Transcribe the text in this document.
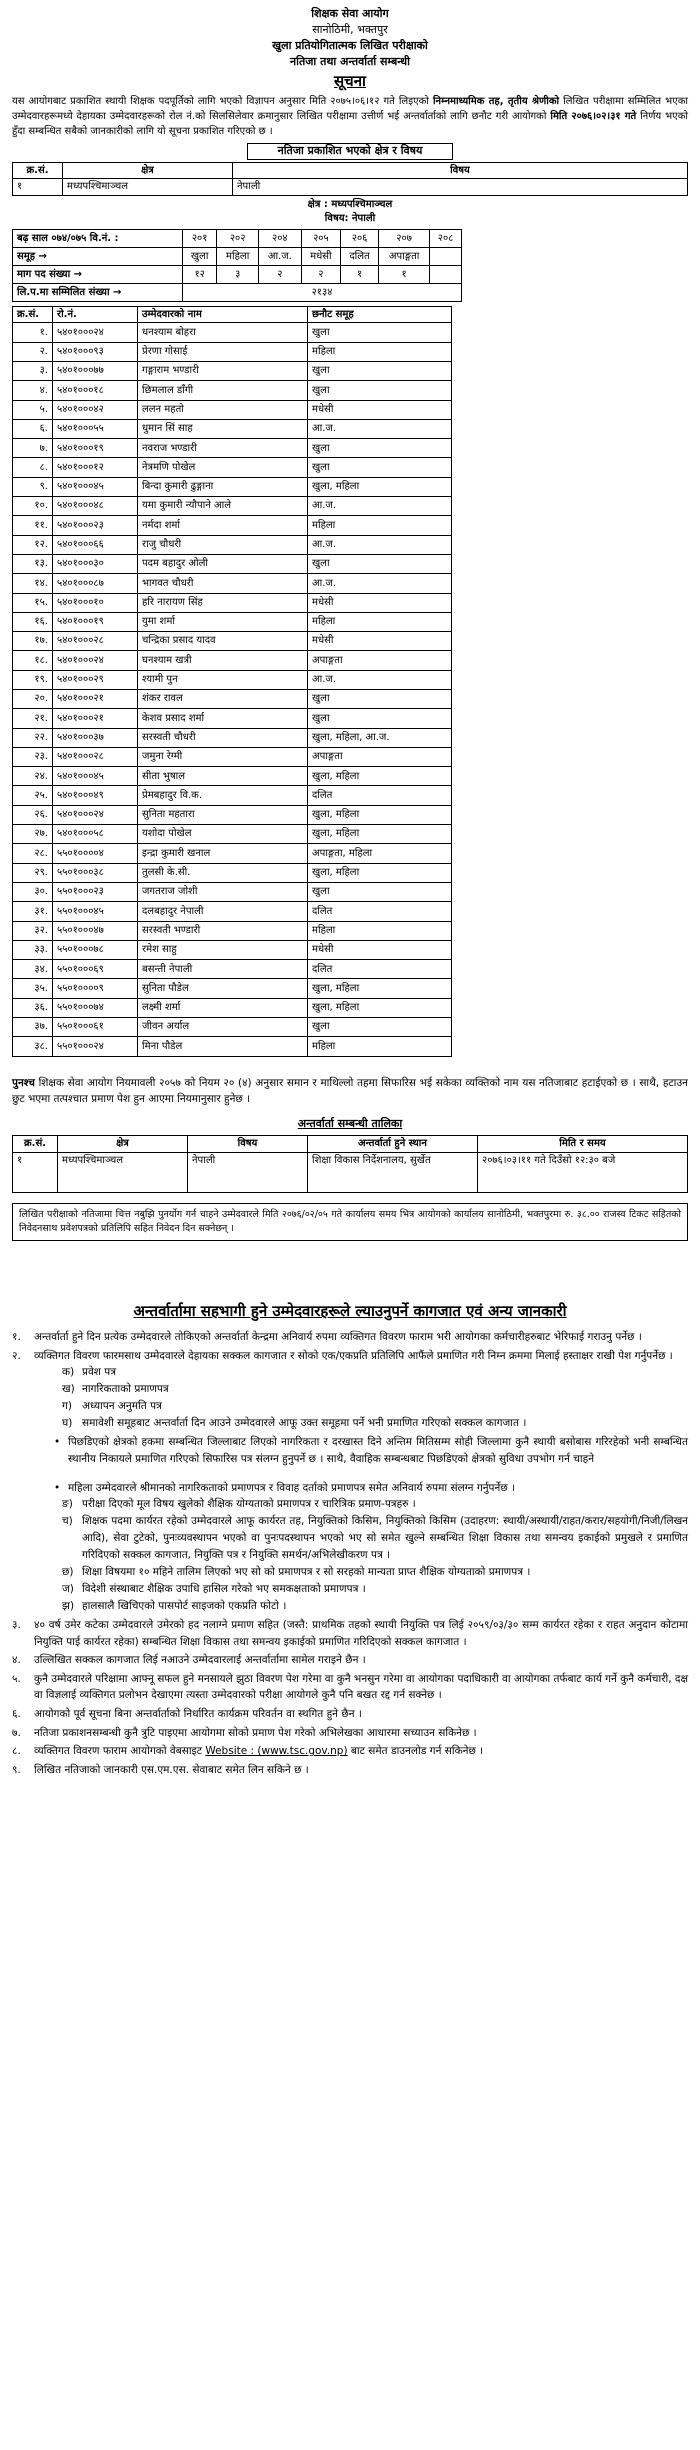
शिक्षक सेवा आयोग
सानोठिमी, भक्तपुर
खुला प्रतियोगितात्मक लिखित परीक्षाको
नतिजा तथा अन्तर्वार्ता सम्बन्धी
सूचना

यस आयोगबाट प्रकाशित स्थायी शिक्षक पदपूर्तिको लागि भएको विज्ञापन अनुसार मिति २०७५।०६।१२ गते लिइएको निम्नमाध्यमिक तह, तृतीय श्रेणीको लिखित परीक्षामा सम्मिलित भएका उम्मेदवारहरूमध्ये देहायका उम्मेदवारहरूको रोल नं.को सिलसिलेवार क्रमानुसार लिखित परीक्षामा उत्तीर्ण भई अन्तर्वार्ताको लागि छनौट गरी आयोगको मिति २०७६।०२।३१ गते निर्णय भएको हुँदा सम्बन्धित सबैको जानकारीको लागि यो सूचना प्रकाशित गरिएको छ ।

नतिजा प्रकाशित भएको क्षेत्र र विषय
क्र.सं.	क्षेत्र	विषय
१	मध्यपश्चिमाञ्चल	नेपाली
क्षेत्र : मध्यपश्चिमाञ्चल
विषय: नेपाली
बढ़ साल ०७४/०७५ वि.नं. :	२०१	२०२	२०४	२०५	२०६	२०७	२०८
समूह →	खुला	महिला	आ.ज.	मधेसी	दलित	अपाङ्गता	
माग पद संख्या →	१२	३	२	२	१	१	
लि.प.मा सम्मिलित संख्या →	२१३४						
क्र.सं.	रो.नं.	उम्मेदवारको नाम	छनौट समूह
१.	५४०१०००२४	धनश्याम बोहरा	खुला
२.	५४०१०००९३	प्रेरणा गोसाई	महिला
३.	५४०१०००७७	गङ्गाराम भण्डारी	खुला
४.	५४०१०००१८	छिमलाल डाँगी	खुला
५.	५४०१०००४२	ललन महतो	मधेसी
६.	५४०१०००५५	धुमान सिं साह	आ.ज.
७.	५४०१०००१९	नवराज भण्डारी	खुला
८.	५४०१०००१२	नेत्रमणि पोखेल	खुला
९.	५४०१०००४५	बिन्दा कुमारी ढुङ्गाना	खुला, महिला
१०.	५४०१०००४८	यमा कुमारी न्यौपाने आले	आ.ज.
११.	५४०१०००२३	नर्मदा शर्मा	महिला
१२.	५४०१०००६६	राजु चौधरी	आ.ज.
१३.	५४०१०००३०	पदम बहादुर ओली	खुला
१४.	५४०१०००८७	भागवत चौधरी	आ.ज.
१५.	५४०१०००१०	हरि नारायण सिंह	मधेसी
१६.	५४०१०००१९	युमा शर्मा	महिला
१७.	५४०१०००२८	चन्द्रिका प्रसाद यादव	मधेसी
१८.	५४०१०००२४	घनश्याम खत्री	अपाङ्गता
१९.	५४०१०००२९	श्यामी पुन	आ.ज.
२०.	५४०१०००२१	शंकर रावल	खुला
२१.	५४०१०००२१	केशव प्रसाद शर्मा	खुला
२२.	५४०१०००३७	सरस्वती चौधरी	खुला, महिला, आ.ज.
२३.	५४०१०००२८	जमुना रेग्मी	अपाङ्गता
२४.	५४०१०००४५	सीता भुषाल	खुला, महिला
२५.	५४०१०००४९	प्रेमबहादुर वि.क.	दलित
२६.	५४०१०००२४	सुनिता महतारा	खुला, महिला
२७.	५४०१०००५८	यशोदा पोखेल	खुला, महिला
२८.	५५०१००००४	इन्द्रा कुमारी खनाल	अपाङ्गता, महिला
२९.	५५०१०००३८	तुलसी के.सी.	खुला, महिला
३०.	५५०१०००२३	जगतराज जोशी	खुला
३१.	५५०१०००४५	दलबहादुर नेपाली	दलित
३२.	५५०१०००४७	सरस्वती भण्डारी	महिला
३३.	५५०१०००७८	रमेश साहु	मधेसी
३४.	५५०१०००६९	बसन्ती नेपाली	दलित
३५.	५५०१००००९	सुनिता पौडेल	खुला, महिला
३६.	५५०१०००७४	लक्ष्मी शर्मा	खुला, महिला
३७.	५५०१०००६१	जीवन अर्याल	खुला
३८.	५५०१०००२४	मिना पौडेल	महिला

पुनश्च शिक्षक सेवा आयोग नियमावली २०५७ को नियम २० (४) अनुसार समान र माथिल्लो तहमा सिफारिस भई सकेका व्यक्तिको नाम यस नतिजाबाट हटाईएको छ । साथै, हटाउन छुट भएमा तत्पश्चात प्रमाण पेश हुन आएमा नियमानुसार हुनेछ ।

अन्तर्वार्ता सम्बन्धी तालिका
क्र.सं.	क्षेत्र	विषय	अन्तर्वार्ता हुने स्थान	मिति र समय
१	मध्यपश्चिमाञ्चल	नेपाली	शिक्षा विकास निर्देशनालय, सुर्खेत	२०७६।०३।११ गते दिउँसो १२:३० बजे
लिखित परीक्षाको नतिजामा चित्त नबुझि पुनर्योग गर्न चाहने उम्मेदवारले मिति २०७६/०२/०५ गते कार्यालय समय भित्र आयोगको कार्यालय सानोठिमी, भक्तपुरमा रु. ३८.०० राजस्व टिकट सहितको निवेदनसाथ प्रवेशपत्रको प्रतिलिपि सहित निवेदन दिन सक्नेछन् ।
अन्तर्वार्तामा सहभागी हुने उम्मेदवारहरूले ल्याउनुपर्ने कागजात एवं अन्य जानकारी
१. अन्तर्वार्ता हुने दिन प्रत्येक उम्मेदवारले तोकिएको अन्तर्वार्ता केन्द्रमा अनिवार्य रुपमा व्यक्तिगत विवरण फाराम भरी आयोगका कर्मचारीहरुबाट भेरिफाई गराउनु पर्नेछ ।
२. व्यक्तिगत विवरण फारमसाथ उम्मेदवारले देहायका सक्कल कागजात र सोको एक/एकप्रति प्रतिलिपि आफैंले प्रमाणित गरी निम्न क्रममा मिलाई हस्ताक्षर राखी पेश गर्नुपर्नेछ ।
क) प्रवेश पत्र
ख) नागरिकताको प्रमाणपत्र
ग) अध्यापन अनुमति पत्र
घ) समावेशी समूहबाट अन्तर्वार्ता दिन आउने उम्मेदवारले आफू उक्त समूहमा पर्ने भनी प्रमाणित गरिएको सक्कल कागजात ।
• पिछडिएको क्षेत्रको हकमा सम्बन्धित जिल्लाबाट लिएको नागरिकता र दरखास्त दिने अन्तिम मितिसम्म सोही जिल्लामा कुनै स्थायी बसोबास गरिरहेको भनी सम्बन्धित स्थानीय निकायले प्रमाणित गरिएको सिफारिस पत्र संलग्न हुनुपर्ने छ । साथै, वैवाहिक सम्बन्धबाट पिछडिएको क्षेत्रको सुविधा उपभोग गर्न चाहने
• महिला उम्मेदवारले श्रीमानको नागरिकताको प्रमाणपत्र र विवाह दर्ताको प्रमाणपत्र समेत अनिवार्य रुपमा संलग्न गर्नुपर्नेछ ।
ङ) परीक्षा दिएको मूल विषय खुलेको शैक्षिक योग्यताको प्रमाणपत्र र चारित्रिक प्रमाण-पत्रहरु ।
च) शिक्षक पदमा कार्यरत रहेको उम्मेदवारले आफू कार्यरत तह, नियुक्तिको किसिम, नियुक्तिको किसिम (उदाहरण: स्थायी/अस्थायी/राहत/करार/सहयोगी/निजी/लिखन आदि), सेवा टुटेको, पुनःव्यवस्थापन भएको वा पुनःपदस्थापन भएको भए सो समेत खुल्ने सम्बन्धित शिक्षा विकास तथा समन्वय इकाईको प्रमुखले र प्रमाणित गरिदिएको सक्कल कागजात, नियुक्ति पत्र र नियुक्ति समर्थन/अभिलेखीकरण पत्र ।
छ) शिक्षा विषयमा १० महिने तालिम लिएको भए सो को प्रमाणपत्र र सो सरहको मान्यता प्राप्त शैक्षिक योग्यताको प्रमाणपत्र ।
ज) विदेशी संस्थाबाट शैक्षिक उपाधि हासिल गरेको भए समकक्षताको प्रमाणपत्र ।
झ) हालसालै खिचिएको पासपोर्ट साइजको एकप्रति फोटो ।
३. ४० वर्ष उमेर कटेका उम्मेदवारले उमेरको हद नलाग्ने प्रमाण सहित (जस्तै: प्राथमिक तहको स्थायी नियुक्ति पत्र लिई २०५९/०३/३० सम्म कार्यरत रहेका र राहत अनुदान कोटामा नियुक्ति पाई कार्यरत रहेका) सम्बन्धित शिक्षा विकास तथा समन्वय इकाईको प्रमाणित गरिदिएको सक्कल कागजात ।
४. उल्लिखित सक्कल कागजात लिई नआउने उम्मेदवारलाई अन्तर्वार्तामा सामेल गराइने छैन ।
५. कुनै उम्मेदवारले परिक्षामा आफ्नू सफल हुने मनसायले झुठा विवरण पेश गरेमा वा कुनै भनसुन गरेमा वा आयोगका पदाधिकारी वा आयोगका तर्फबाट कार्य गर्ने कुनै कर्मचारी, दक्ष वा विज्ञलाई व्यक्तिगत प्रलोभन देखाएमा त्यस्ता उम्मेदवारको परीक्षा आयोगले कुनै पनि बखत रद्द गर्न सक्नेछ ।
६. आयोगको पूर्व सूचना बिना अन्तर्वार्ताको निर्धारित कार्यक्रम परिवर्तन वा स्थगित हुने छैन ।
७. नतिजा प्रकाशनसम्बन्धी कुनै त्रुटि पाइएमा आयोगमा सोको प्रमाण पेश गरेको अभिलेखका आधारमा सच्याउन सकिनेछ ।
८. व्यक्तिगत विवरण फाराम आयोगको वेबसाइट Website : (www.tsc.gov.np) बाट समेत डाउनलोड गर्न सकिनेछ ।
९. लिखित नतिजाको जानकारी एस.एम.एस. सेवाबाट समेत लिन सकिने छ ।
